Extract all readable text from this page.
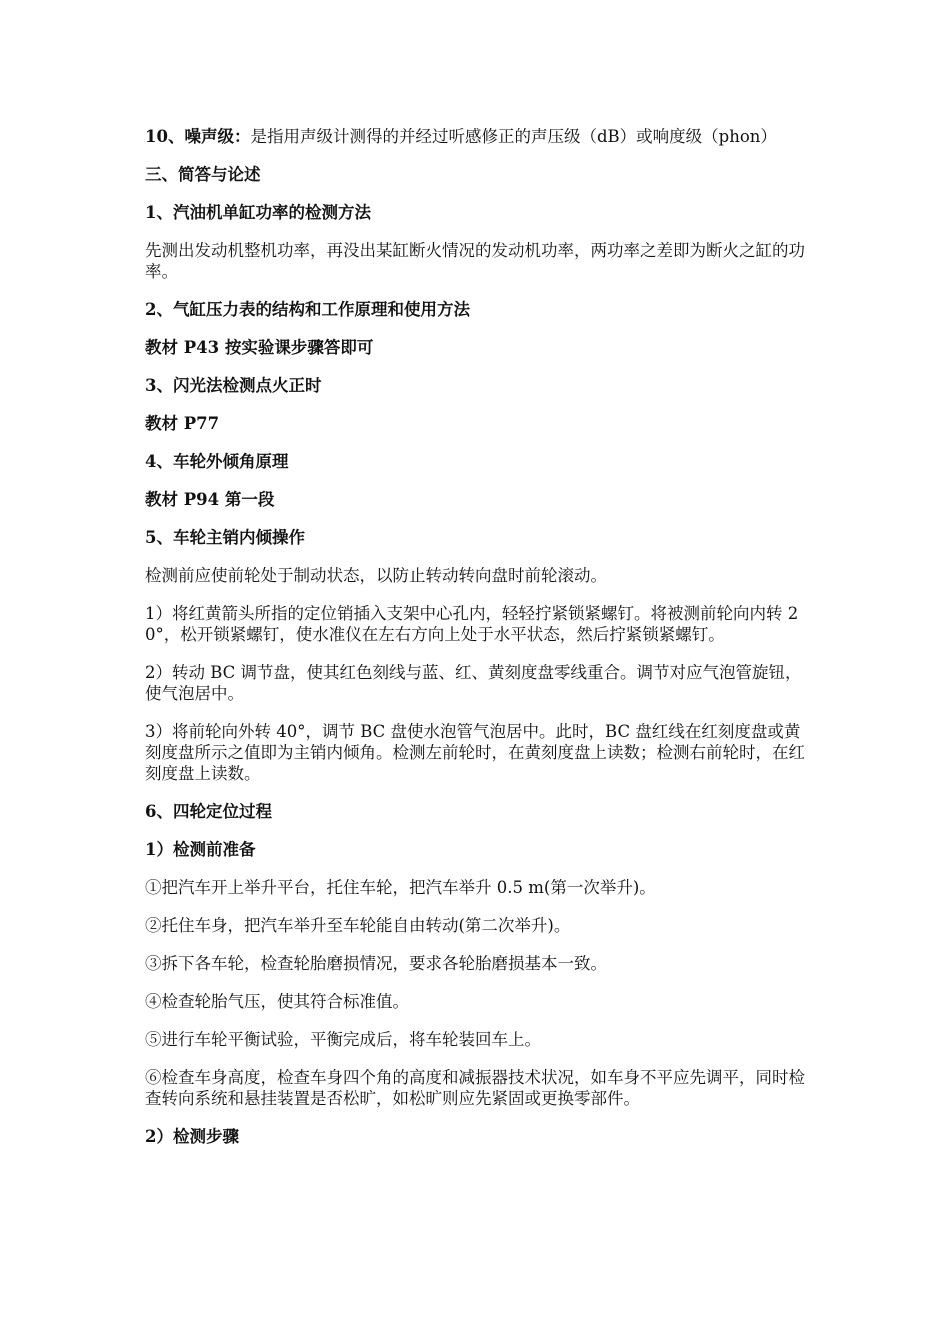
10、噪声级：是指用声级计测得的并经过听感修正的声压级（dB）或响度级（phon）

三、简答与论述

1、汽油机单缸功率的检测方法

先测出发动机整机功率，再没出某缸断火情况的发动机功率，两功率之差即为断火之缸的功率。

2、气缸压力表的结构和工作原理和使用方法

教材 P43 按实验课步骤答即可

3、闪光法检测点火正时

教材 P77

4、车轮外倾角原理

教材 P94 第一段

5、车轮主销内倾操作

检测前应使前轮处于制动状态，以防止转动转向盘时前轮滚动。

1）将红黄箭头所指的定位销插入支架中心孔内，轻轻拧紧锁紧螺钉。将被测前轮向内转 20°，松开锁紧螺钉，使水准仪在左右方向上处于水平状态，然后拧紧锁紧螺钉。

2）转动 BC 调节盘，使其红色刻线与蓝、红、黄刻度盘零线重合。调节对应气泡管旋钮，使气泡居中。

3）将前轮向外转 40°，调节 BC 盘使水泡管气泡居中。此时，BC 盘红线在红刻度盘或黄刻度盘所示之值即为主销内倾角。检测左前轮时，在黄刻度盘上读数；检测右前轮时，在红刻度盘上读数。

6、四轮定位过程

1）检测前准备

①把汽车开上举升平台，托住车轮，把汽车举升 0.5 m(第一次举升)。

②托住车身，把汽车举升至车轮能自由转动(第二次举升)。

③拆下各车轮，检查轮胎磨损情况，要求各轮胎磨损基本一致。

④检查轮胎气压，使其符合标准值。

⑤进行车轮平衡试验，平衡完成后，将车轮装回车上。

⑥检查车身高度，检查车身四个角的高度和减振器技术状况，如车身不平应先调平，同时检查转向系统和悬挂装置是否松旷，如松旷则应先紧固或更换零部件。

2）检测步骤
